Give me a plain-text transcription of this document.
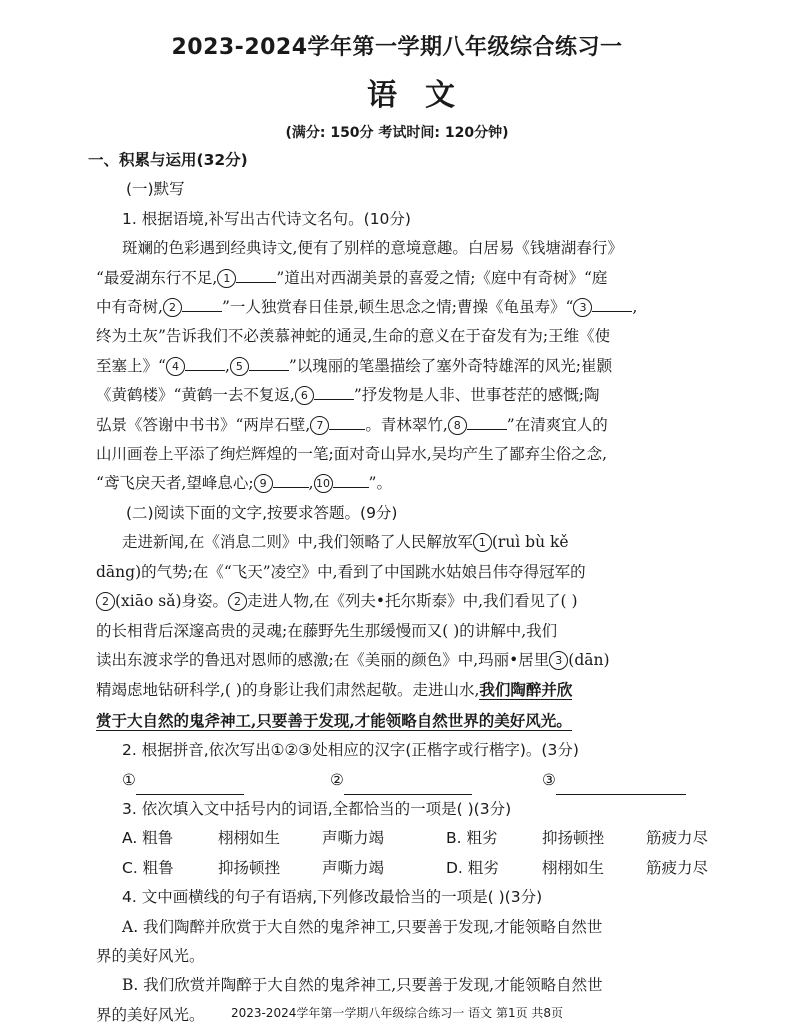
2023-2024学年第一学期八年级综合练习一
语文
(满分: 150分 考试时间: 120分钟)

一、积累与运用(32分)

(一)默写

1. 根据语境,补写出古代诗文名句。(10分)

斑斓的色彩遇到经典诗文,便有了别样的意境意趣。白居易《钱塘湖春行》

“最爱湖东行不足, 1	”道出对西湖美景的喜爱之情;《庭中有奇树》“庭

中有奇树, 2	”一人独赏春日佳景,顿生思念之情;曹操《龟虽寿》“ 3	,

终为土灰”告诉我们不必羡慕神蛇的通灵,生命的意义在于奋发有为;王维《使

至塞上》“ 4	, 5	”以瑰丽的笔墨描绘了塞外奇特雄浑的风光;崔颢

《黄鹤楼》“黄鹤一去不复返, 6	”抒发物是人非、世事苍茫的感慨;陶

弘景《答谢中书书》“两岸石壁, 7	。青林翠竹, 8	”在清爽宜人的

山川画卷上平添了绚烂辉煌的一笔;面对奇山异水,吴均产生了鄙弃尘俗之念,

“鸢飞戾天者,望峰息心; 9	, 10 ”。

(二)阅读下面的文字,按要求答题。(9分)

走进新闻,在《消息二则》中,我们领略了人民解放军 1 (ruì bù kě

dāng)的气势;在《“飞天”凌空》中,看到了中国跳水姑娘吕伟夺得冠军的

2 (xiāo sǎ)身姿。 2 走进人物,在《列夫•托尔斯泰》中,我们看见了( )

的长相背后深邃高贵的灵魂;在藤野先生那缓慢而又( )的讲解中,我们

读出东渡求学的鲁迅对恩师的感激;在《美丽的颜色》中,玛丽•居里 3 (dān)

精竭虑地钻研科学,( )的身影让我们肃然起敬。走进山水,我们陶醉并欣

赏于大自然的鬼斧神工,只要善于发现,才能领略自然世界的美好风光。

2. 根据拼音,依次写出①②③处相应的汉字(正楷字或行楷字)。(3分)

①	②	③

3. 依次填入文中括号内的词语,全都恰当的一项是( )(3分)

A. 粗鲁	栩栩如生	声嘶力竭	B. 粗劣	抑扬顿挫	筋疲力尽
C. 粗鲁	抑扬顿挫	声嘶力竭	D. 粗劣	栩栩如生	筋疲力尽

4. 文中画横线的句子有语病,下列修改最恰当的一项是( )(3分)

A. 我们陶醉并欣赏于大自然的鬼斧神工,只要善于发现,才能领略自然世

界的美好风光。

B. 我们欣赏并陶醉于大自然的鬼斧神工,只要善于发现,才能领略自然世

界的美好风光。	2023-2024学年第一学期八年级综合练习一 语文 第1页 共8页
